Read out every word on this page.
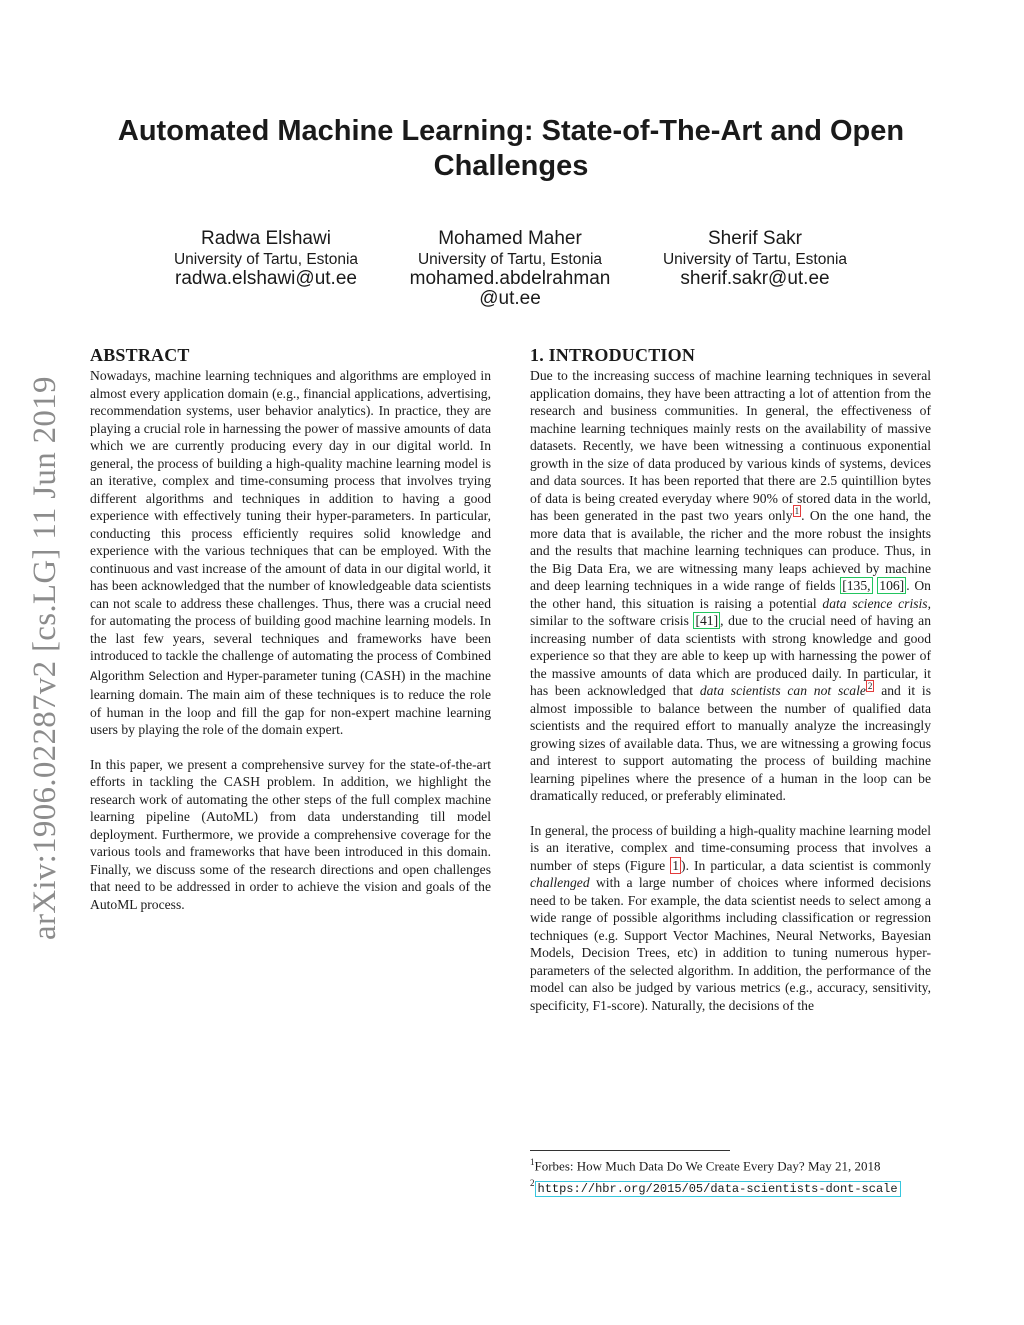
arXiv:1906.02287v2 [cs.LG] 11 Jun 2019
Automated Machine Learning: State-of-The-Art and Open Challenges
Radwa Elshawi
University of Tartu, Estonia
radwa.elshawi@ut.ee
Mohamed Maher
University of Tartu, Estonia
mohamed.abdelrahman @ut.ee
Sherif Sakr
University of Tartu, Estonia
sherif.sakr@ut.ee
ABSTRACT

Nowadays, machine learning techniques and algorithms are employed in almost every application domain (e.g., financial applications, advertising, recommendation systems, user behavior analytics). In practice, they are playing a crucial role in harnessing the power of massive amounts of data which we are currently producing every day in our digital world. In general, the process of building a high-quality machine learning model is an iterative, complex and time-consuming process that involves trying different algorithms and techniques in addition to having a good experience with effectively tuning their hyper-parameters. In particular, conducting this process efficiently requires solid knowledge and experience with the various techniques that can be employed. With the continuous and vast increase of the amount of data in our digital world, it has been acknowledged that the number of knowledgeable data scientists can not scale to address these challenges. Thus, there was a crucial need for automating the process of building good machine learning models. In the last few years, several techniques and frameworks have been introduced to tackle the challenge of automating the process of Combined Algorithm Selection and Hyper-parameter tuning (CASH) in the machine learning domain. The main aim of these techniques is to reduce the role of human in the loop and fill the gap for non-expert machine learning users by playing the role of the domain expert.

In this paper, we present a comprehensive survey for the state-of-the-art efforts in tackling the CASH problem. In addition, we highlight the research work of automating the other steps of the full complex machine learning pipeline (AutoML) from data understanding till model deployment. Furthermore, we provide a comprehensive coverage for the various tools and frameworks that have been introduced in this domain. Finally, we discuss some of the research directions and open challenges that need to be addressed in order to achieve the vision and goals of the AutoML process.

1. INTRODUCTION

Due to the increasing success of machine learning techniques in several application domains, they have been attracting a lot of attention from the research and business communities. In general, the effectiveness of machine learning techniques mainly rests on the availability of massive datasets. Recently, we have been witnessing a continuous exponential growth in the size of data produced by various kinds of systems, devices and data sources. It has been reported that there are 2.5 quintillion bytes of data is being created everyday where 90% of stored data in the world, has been generated in the past two years only $^1$ . On the one hand, the more data that is available, the richer and the more robust the insights and the results that machine learning techniques can produce. Thus, in the Big Data Era, we are witnessing many leaps achieved by machine and deep learning techniques in a wide range of fields [135, 106] . On the other hand, this situation is raising a potential data science crisis, similar to the software crisis [41] , due to the crucial need of having an increasing number of data scientists with strong knowledge and good experience so that they are able to keep up with harnessing the power of the massive amounts of data which are produced daily. In particular, it has been acknowledged that data scientists can not scale $^2$ and it is almost impossible to balance between the number of qualified data scientists and the required effort to manually analyze the increasingly growing sizes of available data. Thus, we are witnessing a growing focus and interest to support automating the process of building machine learning pipelines where the presence of a human in the loop can be dramatically reduced, or preferably eliminated.

In general, the process of building a high-quality machine learning model is an iterative, complex and time-consuming process that involves a number of steps (Figure 1 ). In particular, a data scientist is commonly challenged with a large number of choices where informed decisions need to be taken. For example, the data scientist needs to select among a wide range of possible algorithms including classification or regression techniques (e.g. Support Vector Machines, Neural Networks, Bayesian Models, Decision Trees, etc) in addition to tuning numerous hyper-parameters of the selected algorithm. In addition, the performance of the model can also be judged by various metrics (e.g., accuracy, sensitivity, specificity, F1-score). Naturally, the decisions of the

$^1$Forbes: How Much Data Do We Create Every Day? May 21, 2018
$^2$ https://hbr.org/2015/05/data-scientists-dont-scale
